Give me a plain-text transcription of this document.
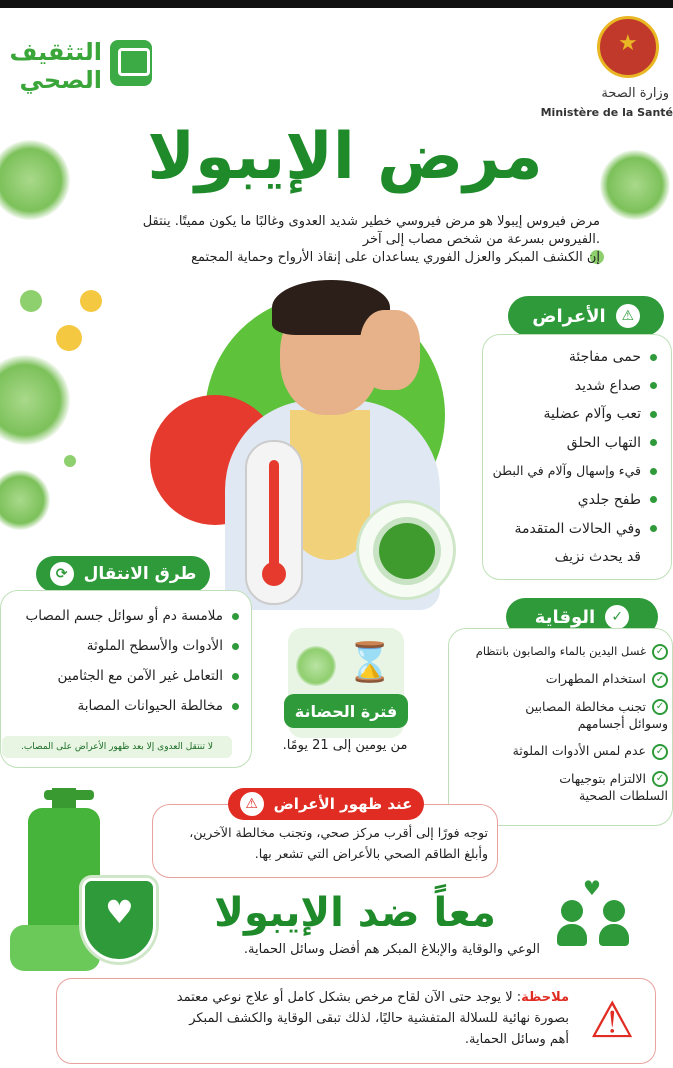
التثقيف
الصحي
★	وزارة الصحة
Ministère de la Santé
مرض الإيبولا
مرض فيروس إيبولا هو مرض فيروسي خطير شديد العدوى وغالبًا ما يكون مميتًا. ينتقل
.الفيروس بسرعة من شخص مصاب إلى آخر
إن الكشف المبكر والعزل الفوري يساعدان على إنقاذ الأرواح وحماية المجتمع
⚠
الأعراض
حمى مفاجئة
صداع شديد
تعب وآلام عضلية
التهاب الحلق
قيء وإسهال وآلام في البطن
طفح جلدي
وفي الحالات المتقدمة
قد يحدث نزيف
طرق الانتقال
⟳
ملامسة دم أو سوائل جسم المصاب
الأدوات والأسطح الملوثة
التعامل غير الآمن مع الجثامين
مخالطة الحيوانات المصابة
لا تنتقل العدوى إلا بعد ظهور الأعراض على المصاب.
⌛
فترة الحضانة
من يومين إلى 21 يومًا.
✓
الوقاية
✓غسل اليدين بالماء والصابون بانتظام
✓استخدام المطهرات
✓تجنب مخالطة المصابين وسوائل أجسامهم
✓عدم لمس الأدوات الملوثة
✓الالتزام بتوجيهات السلطات الصحية
عند ظهور الأعراض
⚠
توجه فورًا إلى أقرب مركز صحي، وتجنب مخالطة الآخرين،
وأبلغ الطاقم الصحي بالأعراض التي تشعر بها.
♥
معاً ضد الإيبولا
الوعي والوقاية والإبلاغ المبكر هم أفضل وسائل الحماية.
♥
ملاحظة: لا يوجد حتى الآن لقاح مرخص بشكل كامل أو علاج نوعي معتمد
بصورة نهائية للسلالة المتفشية حاليًا، لذلك تبقى الوقاية والكشف المبكر
أهم وسائل الحماية. ⚠
